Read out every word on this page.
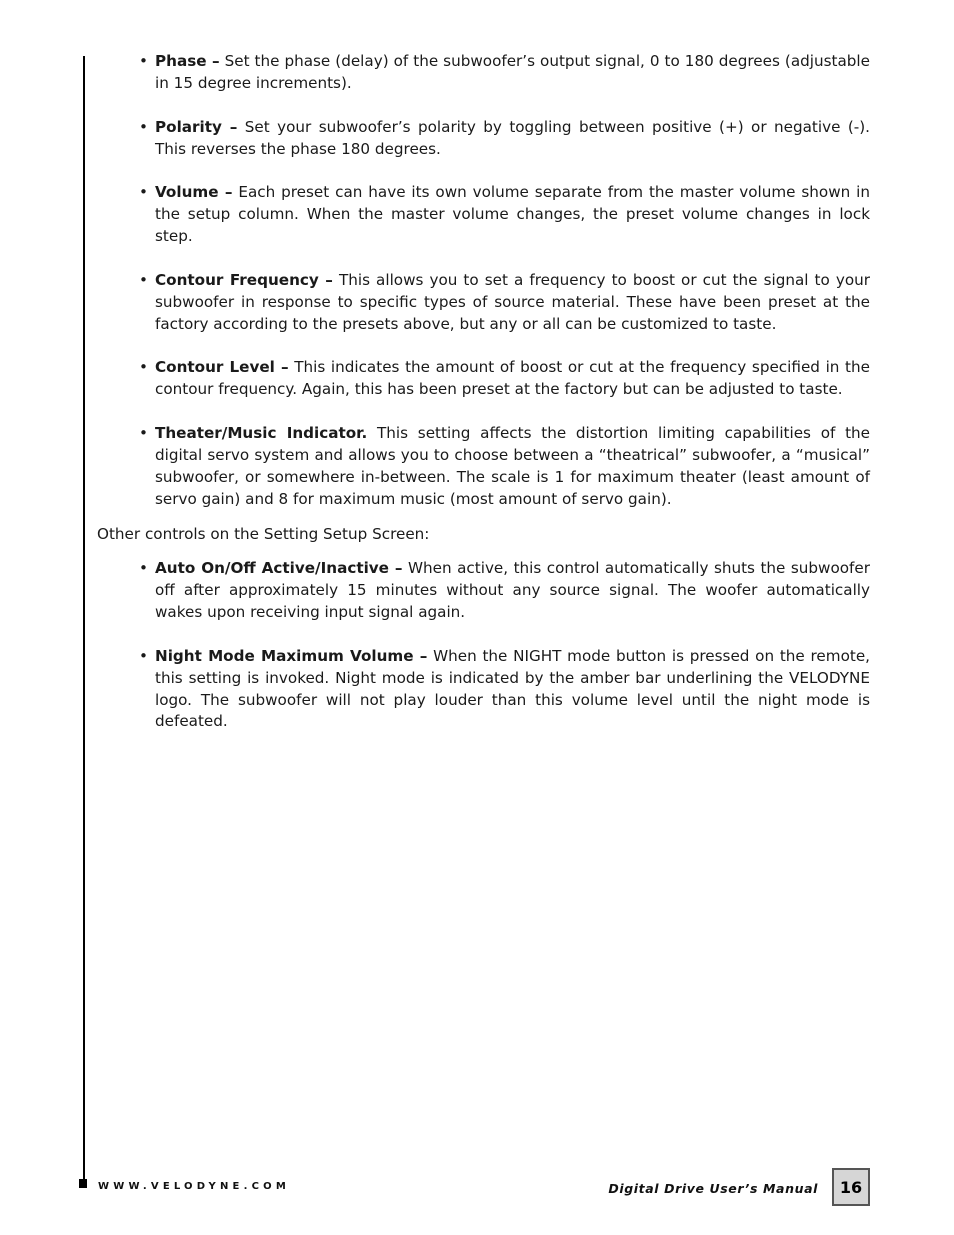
• Phase – Set the phase (delay) of the subwoofer’s output signal, 0 to 180 degrees (adjustable in 15 degree increments).
• Polarity – Set your subwoofer’s polarity by toggling between positive (+) or negative (-). This reverses the phase 180 degrees.
• Volume – Each preset can have its own volume separate from the master volume shown in the setup column. When the master volume changes, the preset volume changes in lock step.
• Contour Frequency – This allows you to set a frequency to boost or cut the signal to your subwoofer in response to specific types of source material. These have been preset at the factory according to the presets above, but any or all can be customized to taste.
• Contour Level – This indicates the amount of boost or cut at the frequency specified in the contour frequency. Again, this has been preset at the factory but can be adjusted to taste.
• Theater/Music Indicator. This setting affects the distortion limiting capabilities of the digital servo system and allows you to choose between a “theatrical” subwoofer, a “musical” subwoofer, or somewhere in-between. The scale is 1 for maximum theater (least amount of servo gain) and 8 for maximum music (most amount of servo gain).

Other controls on the Setting Setup Screen:

• Auto On/Off Active/Inactive – When active, this control automatically shuts the subwoofer off after approximately 15 minutes without any source signal. The woofer automatically wakes upon receiving input signal again.
• Night Mode Maximum Volume – When the NIGHT mode button is pressed on the remote, this setting is invoked. Night mode is indicated by the amber bar underlining the VELODYNE logo. The subwoofer will not play louder than this volume level until the night mode is defeated.
WWW.VELODYNE.COM	Digital Drive User’s Manual 16
